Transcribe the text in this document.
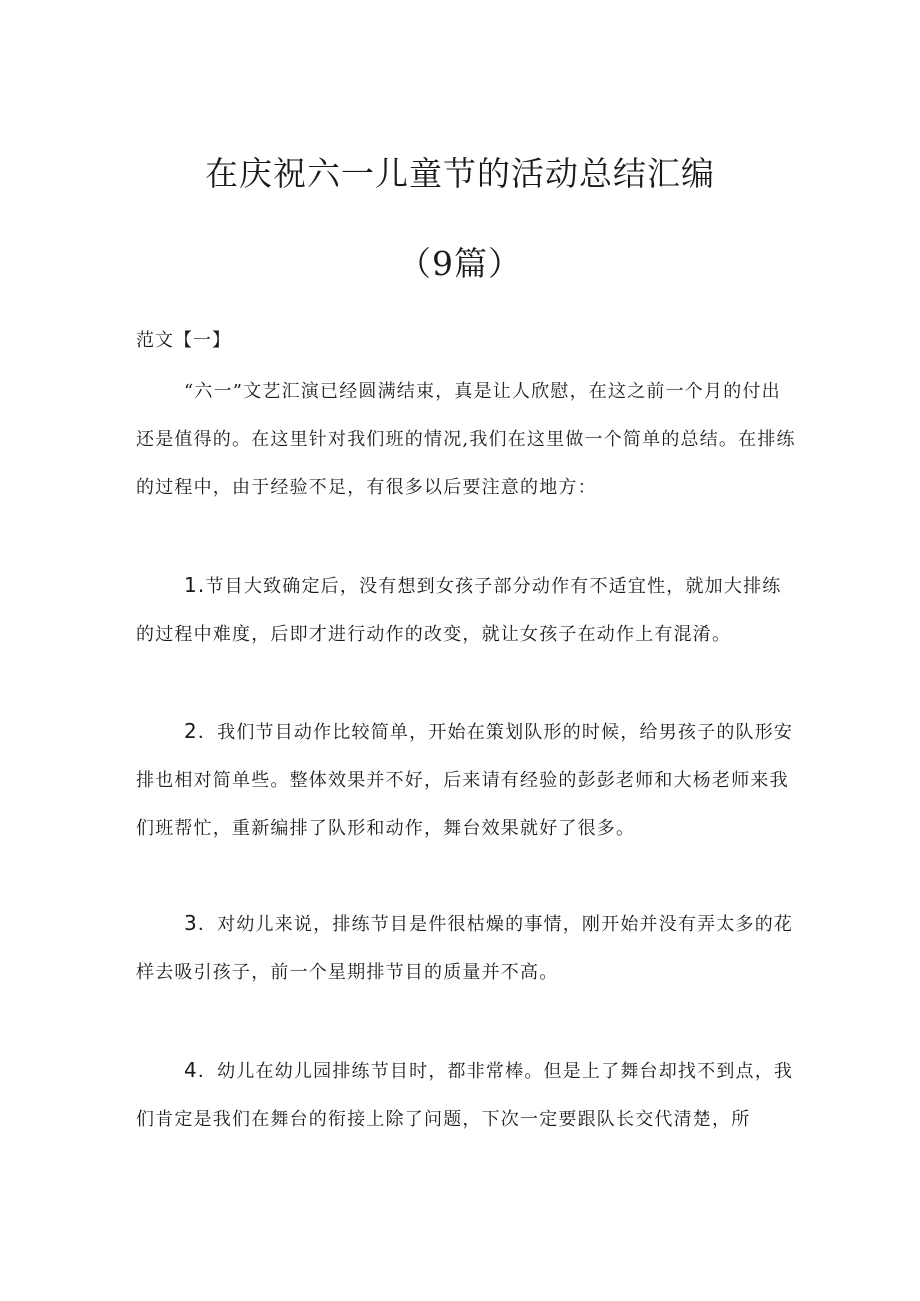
在庆祝六一儿童节的活动总结汇编
（9篇）
范文【一】

“六一”文艺汇演已经圆满结束，真是让人欣慰，在这之前一个月的付出还是值得的。在这里针对我们班的情况,我们在这里做一个简单的总结。在排练的过程中，由于经验不足，有很多以后要注意的地方：

1.节目大致确定后，没有想到女孩子部分动作有不适宜性，就加大排练的过程中难度，后即才进行动作的改变，就让女孩子在动作上有混淆。

2．我们节目动作比较简单，开始在策划队形的时候，给男孩子的队形安排也相对简单些。整体效果并不好，后来请有经验的彭彭老师和大杨老师来我们班帮忙，重新编排了队形和动作，舞台效果就好了很多。

3．对幼儿来说，排练节目是件很枯燥的事情，刚开始并没有弄太多的花样去吸引孩子，前一个星期排节目的质量并不高。

4．幼儿在幼儿园排练节目时，都非常棒。但是上了舞台却找不到点，我们肯定是我们在舞台的衔接上除了问题，下次一定要跟队长交代清楚，所
